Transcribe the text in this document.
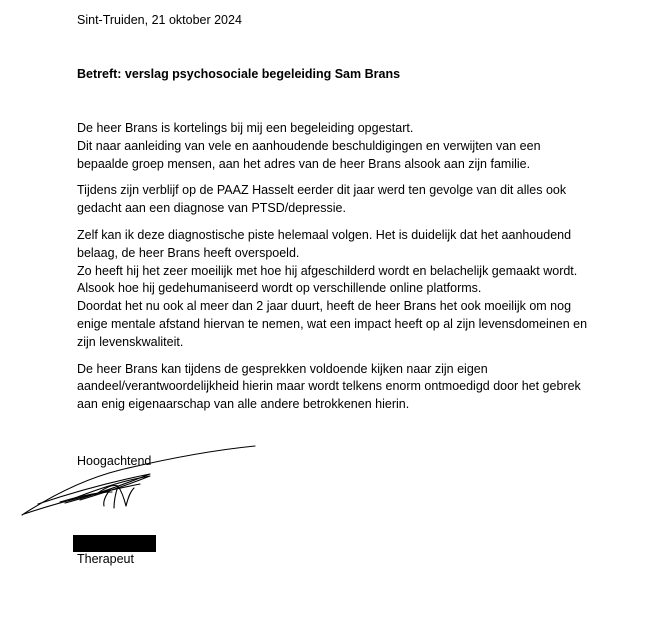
Sint-Truiden, 21 oktober 2024
Betreft: verslag psychosociale begeleiding Sam Brans
De heer Brans is kortelings bij mij een begeleiding opgestart.
Dit naar aanleiding van vele en aanhoudende beschuldigingen en verwijten van een
bepaalde groep mensen, aan het adres van de heer Brans alsook aan zijn familie.
Tijdens zijn verblijf op de PAAZ Hasselt eerder dit jaar werd ten gevolge van dit alles ook
gedacht aan een diagnose van PTSD/depressie.
Zelf kan ik deze diagnostische piste helemaal volgen. Het is duidelijk dat het aanhoudend
belaag, de heer Brans heeft overspoeld.
Zo heeft hij het zeer moeilijk met hoe hij afgeschilderd wordt en belachelijk gemaakt wordt.
Alsook hoe hij gedehumaniseerd wordt op verschillende online platforms.
Doordat het nu ook al meer dan 2 jaar duurt, heeft de heer Brans het ook moeilijk om nog
enige mentale afstand hiervan te nemen, wat een impact heeft op al zijn levensdomeinen en
zijn levenskwaliteit.
De heer Brans kan tijdens de gesprekken voldoende kijken naar zijn eigen
aandeel/verantwoordelijkheid hierin maar wordt telkens enorm ontmoedigd door het gebrek
aan enig eigenaarschap van alle andere betrokkenen hierin.
Hoogachtend
Therapeut
